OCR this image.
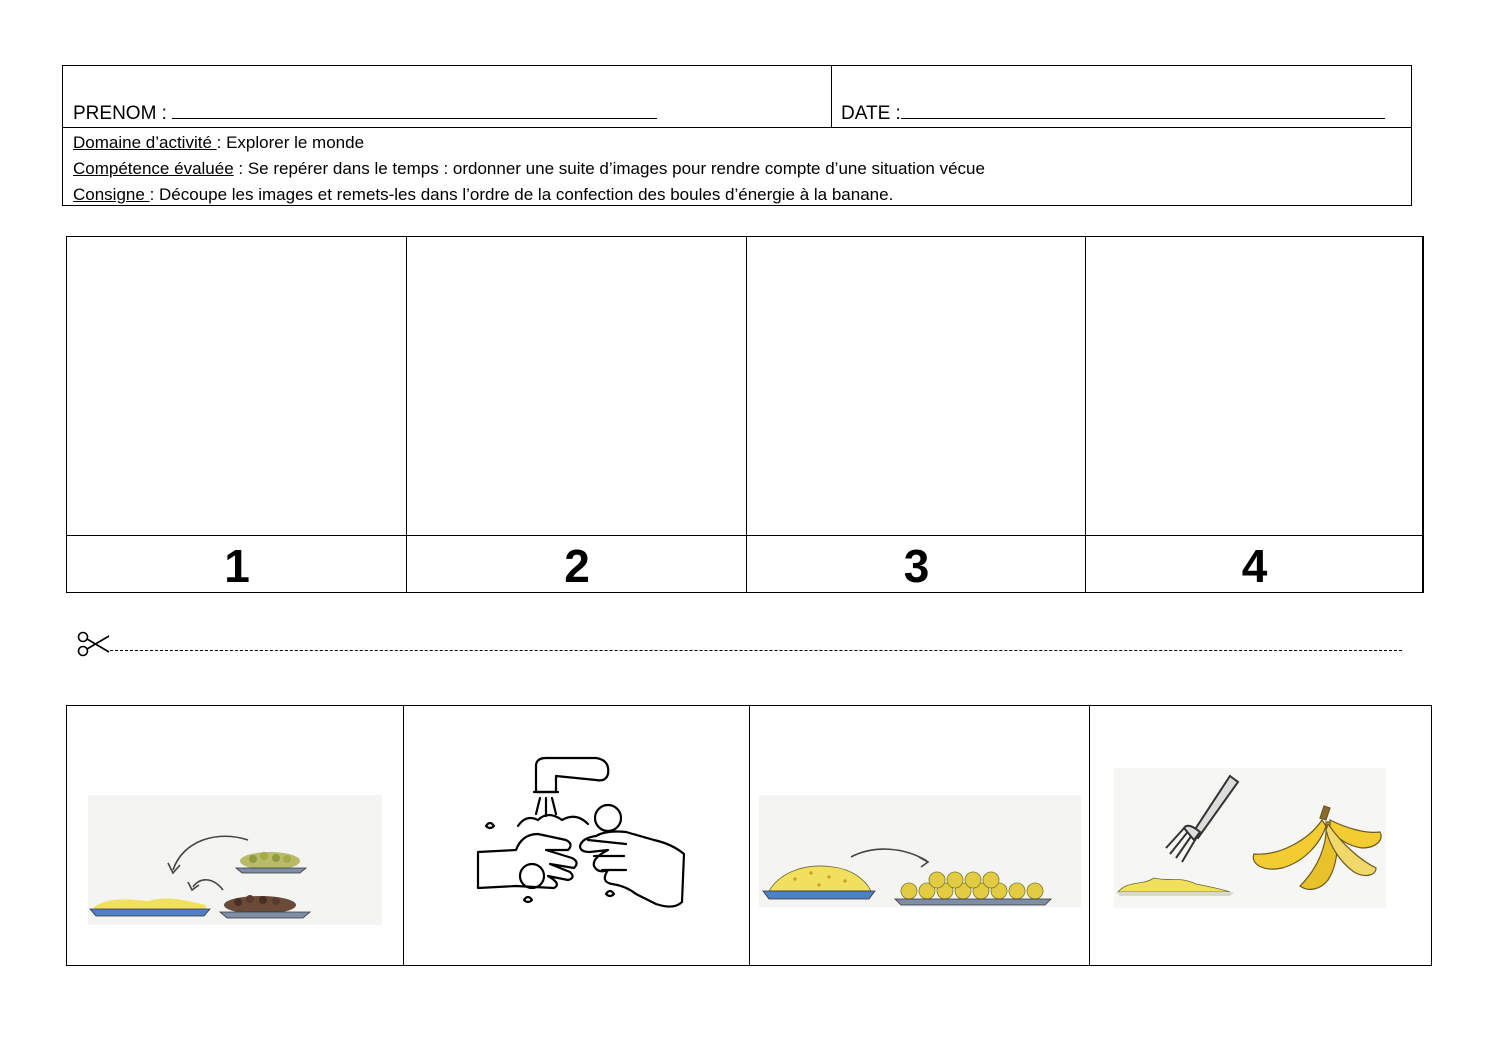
PRENOM :	DATE :
Domaine d’activité : Explorer le monde
Compétence évaluée : Se repérer dans le temps : ordonner une suite d’images pour rendre compte d’une situation vécue
Consigne : Découpe les images et remets-les dans l’ordre de la confection des boules d’énergie à la banane.
1	2	3	4
